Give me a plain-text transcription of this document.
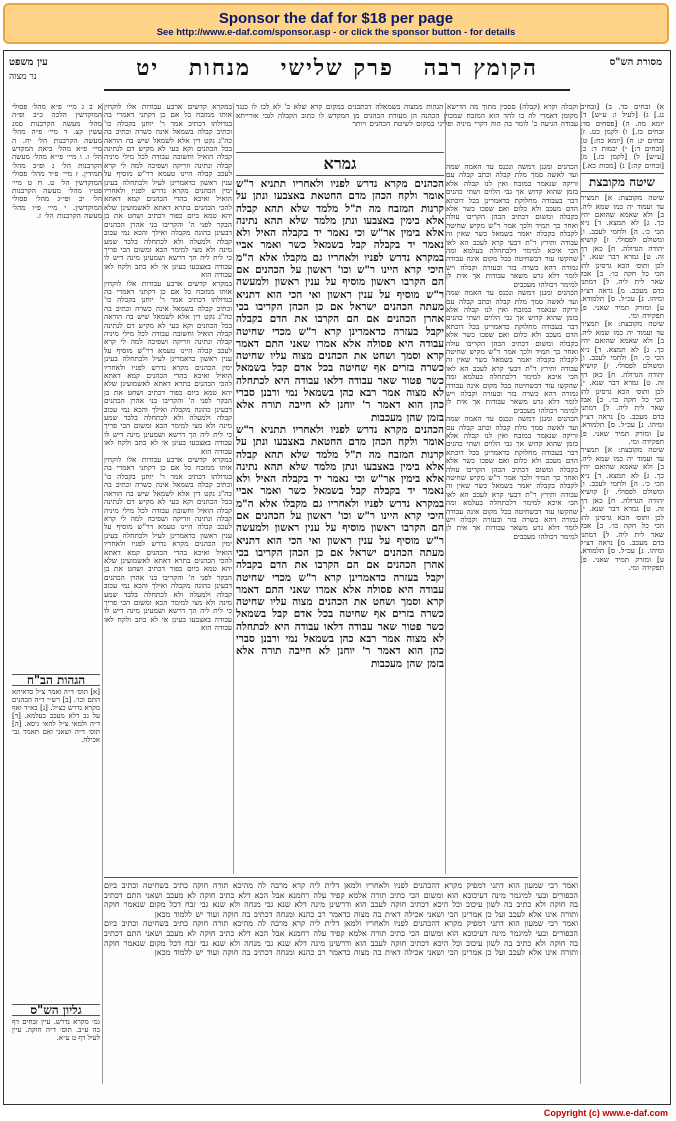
Sponsor the daf for $18 per page
See http://www.e-daf.com/sponsor.asp - or click the sponsor button - for details
עין משפט
נר מצוה
מסורת הש"ס
הקומץ רבה פרק שלישי מנחות יט
א) זבחים כד. ב) [זבחים נג.] ג) [לעיל ו: ע״ש] ד) יומא מה. ה) [פסחים סד: זבחים כז.] ו) לקמן כט. ז) זבחים יג: ח) [יומא כח:] ט) [זבחים ד:] י) יבמות ד: כ) [ע״ש] ל) [לקמן כז.] מ) [זבחים קה:] נ) [מכות כא.]
שיטה מקובצת
שיטה מקובצת: א] תמצית עד ועמוד יה כמו שמא ליה. ב] ולא שאמא שהואם יהיו כך. ג] לא תמצא. ד] נ״א הכי כ׳. ה] ולחמי לעכב. ו] ומשולם לפסולי. ז] קושיא יהודה הגדולה. ח] כאן דף זה. ט] גמרא דבר שנא. י] לכן ותוס׳ הכא גרסינן להו הכי כל חקה כו׳. כ] אבל שאר לית ליה. ל] דמתני בדם מעכב. מ] נראה דצ״ל ומיהו. נ] עכ״ל. ס] תלמודא. ע] ומזרק תמיד שאני. פ] תפקידה ומי.
שיטה מקובצת: א] תמצית עד ועמוד יה כמו שמא ליה. ב] ולא שאמא שהואם יהיו כך. ג] לא תמצא. ד] נ״א הכי כ׳. ה] ולחמי לעכב. ו] ומשולם לפסולי. ז] קושיא יהודה הגדולה. ח] כאן דף זה. ט] גמרא דבר שנא. י] לכן ותוס׳ הכא גרסינן להו הכי כל חקה כו׳. כ] אבל שאר לית ליה. ל] דמתני בדם מעכב. מ] נראה דצ״ל ומיהו. נ] עכ״ל. ס] תלמודא. ע] ומזרק תמיד שאני. פ] תפקידה ומי.
שיטה מקובצת: א] תמצית עד ועמוד יה כמו שמא ליה. ב] ולא שאמא שהואם יהיו כך. ג] לא תמצא. ד] נ״א הכי כ׳. ה] ולחמי לעכב. ו] ומשולם לפסולי. ז] קושיא יהודה הגדולה. ח] כאן דף זה. ט] גמרא דבר שנא. י] לכן ותוס׳ הכא גרסינן להו הכי כל חקה כו׳. כ] אבל שאר לית ליה. ל] דמתני בדם מעכב. מ] נראה דצ״ל ומיהו. נ] עכ״ל. ס] תלמודא. ע] ומזרק תמיד שאני. פ] תפקידה ומי.
א ב ג מיי׳ פ״א מהל׳ פסולי המוקדשין הלכה כ״ב ופ״ה מהל׳ מעשה הקרבנות סמג עשין קצ. ד מיי׳ פ״ה מהל׳ מעשה הקרבנות הל׳ יח. ה מיי׳ פ״א מהל׳ ביאת המקדש הל׳ ו. ו מיי׳ פי״א מהל׳ מעשה הקרבנות הל׳ ג ופ״ב מהל׳ תמידין. ז מיי׳ פ״ד מהל׳ פסולי המוקדשין הל׳ ט. ח ט מיי׳ פט״ו מהל׳ מעשה הקרבנות הל׳ יב ופי״ג מהל׳ פסולי המוקדשין. י מיי׳ פ״ו מהל׳ מעשה הקרבנות הל׳ ז.
הגהות הב"ח
[א] תוס׳ ד״ה ואמר צ״ל כדאיתא התם וכו׳. [ב] רש״י ד״ה הכהנים מקרא נדרש כצ״ל. [ג] בא״ד ואף על גב דלא מעכב בעלמא. [ד] ד״ה ולמאי צ״ל להאי גיסא. [ה] תוס׳ ד״ה ושאני ואם תאמר גבי אכילה.
גליון הש"ס
גמ׳ מקרא נדרש. עיין זבחים דף כה ע״ב. תוס׳ ד״ה חוקה. עיין לעיל דף ט ע״א.
וקבלה וקרא (קבלה) ססכין מתוך מה הדישא הגהות ממצוה בשמאלה דכתבנים במקום קרא שלא כ' לא לכו לו כנגד מקומן דאמרי לה בו להד הוא המזבח שמכוין הכהנה הן מעורת הכהנים מן המקדש לו כתוב הקבלה לגבי אורייתא עבודה הגיעה כ' לומר בה הוה דקרי מיניה ופליגי במקום לשיטת הכהנים ויותר
במקרא קדשים ארבע עבודות אלו לוקחין אותו ממזבח כל אם כן דקתני דאמרי בה בגדולתו דכתיב אמר ר' יוחנן בקבלה כו' וכתיב קבלה בשמאל אינה כשרה וכתיב בה כה"ג נקט דין אלא לשמאל שיש בה הוראה בכל הכהנים וקא בעי לא מקיש דם לנתינה קבלה הואיל וחשובה עבודה לכל מילי מיניה קבלה ונתינה וזריקה ושפיכה למה לי קרא לעכב קבלה היינו טעמא דר"ש מוסיף על ענין ראשון כדאמרינן לעיל ולכתחלה בעינן ימין הכהנים מקרא נדרש לפניו ולאחריו הואיל ואיכא בהדי הכהנים קמא דאתא להכי הכהנים בתרא דאתא לאשמועינן שלא יהא טמא ביום כפור דכתיב ושחט את בן הבקר לפני ה' והקריבו בני אהרן הכהנים דבעינן כהונה מקבלה ואילך והכא נמי עכוב קבלה ולמעלה ולא לכתחלה בלבד שמע מינה ולא מצי למימר הכא ומשום הכי פריך כי לית ליה הך דרשא ושמעינן מינה דיש לו עבודה באצבעו בעינן אי לא כתב ולקח לאו עבודה הוא
במקרא קדשים ארבע עבודות אלו לוקחין אותו ממזבח כל אם כן דקתני דאמרי בה בגדולתו דכתיב אמר ר' יוחנן בקבלה כו' וכתיב קבלה בשמאל אינה כשרה וכתיב בה כה"ג נקט דין אלא לשמאל שיש בה הוראה בכל הכהנים וקא בעי לא מקיש דם לנתינה קבלה הואיל וחשובה עבודה לכל מילי מיניה קבלה ונתינה וזריקה ושפיכה למה לי קרא לעכב קבלה היינו טעמא דר"ש מוסיף על ענין ראשון כדאמרינן לעיל ולכתחלה בעינן ימין הכהנים מקרא נדרש לפניו ולאחריו הואיל ואיכא בהדי הכהנים קמא דאתא להכי הכהנים בתרא דאתא לאשמועינן שלא יהא טמא ביום כפור דכתיב ושחט את בן הבקר לפני ה' והקריבו בני אהרן הכהנים דבעינן כהונה מקבלה ואילך והכא נמי עכוב קבלה ולמעלה ולא לכתחלה בלבד שמע מינה ולא מצי למימר הכא ומשום הכי פריך כי לית ליה הך דרשא ושמעינן מינה דיש לו עבודה באצבעו בעינן אי לא כתב ולקח לאו עבודה הוא
במקרא קדשים ארבע עבודות אלו לוקחין אותו ממזבח כל אם כן דקתני דאמרי בה בגדולתו דכתיב אמר ר' יוחנן בקבלה כו' וכתיב קבלה בשמאל אינה כשרה וכתיב בה כה"ג נקט דין אלא לשמאל שיש בה הוראה בכל הכהנים וקא בעי לא מקיש דם לנתינה קבלה הואיל וחשובה עבודה לכל מילי מיניה קבלה ונתינה וזריקה ושפיכה למה לי קרא לעכב קבלה היינו טעמא דר"ש מוסיף על ענין ראשון כדאמרינן לעיל ולכתחלה בעינן ימין הכהנים מקרא נדרש לפניו ולאחריו הואיל ואיכא בהדי הכהנים קמא דאתא להכי הכהנים בתרא דאתא לאשמועינן שלא יהא טמא ביום כפור דכתיב ושחט את בן הבקר לפני ה' והקריבו בני אהרן הכהנים דבעינן כהונה מקבלה ואילך והכא נמי עכוב קבלה ולמעלה ולא לכתחלה בלבד שמע מינה ולא מצי למימר הכא ומשום הכי פריך כי לית ליה הך דרשא ושמעינן מינה דיש לו עבודה באצבעו בעינן אי לא כתב ולקח לאו עבודה הוא
הכהנים ומגנן דמשה ונכנס עד האמה שמה ועד לאשה סמך מלת קבלה וכתב קבלה עם זריקה שנאמר במזבח ואין לנו קבלה אלא בזמן שהוא קדוש אך גבי הלוים ושתי כהנים דבר בעבודה מחלוקת כדאמרינן בכל דוכתא הדם מעכב ולא כלום ואם שפכו כשר אלא בקבלה ומשום דכתיב הכהן הקריבו עולה ואחר כך תמיד ולכך אמר ר"ש מקיש שחיטה לקבלה בקבלה יאמר בשמאל כשר שאין זה עבודה ותירץ ר"ת דבעי קרא לעכב הא לאו הכי איכא למימר דלכתחלה בעלמא ומה שהקשו עוד דבשחיטה בכל מקום אינה עבודה גמורה דהא כשרה בזר ובעזרה וקבלה ויש לומר דלא גרע משאר עבודות אך אית לן למימר דכולהו מעכבים
הכהנים ומגנן דמשה ונכנס עד האמה שמה ועד לאשה סמך מלת קבלה וכתב קבלה עם זריקה שנאמר במזבח ואין לנו קבלה אלא בזמן שהוא קדוש אך גבי הלוים ושתי כהנים דבר בעבודה מחלוקת כדאמרינן בכל דוכתא הדם מעכב ולא כלום ואם שפכו כשר אלא בקבלה ומשום דכתיב הכהן הקריבו עולה ואחר כך תמיד ולכך אמר ר"ש מקיש שחיטה לקבלה בקבלה יאמר בשמאל כשר שאין זה עבודה ותירץ ר"ת דבעי קרא לעכב הא לאו הכי איכא למימר דלכתחלה בעלמא ומה שהקשו עוד דבשחיטה בכל מקום אינה עבודה גמורה דהא כשרה בזר ובעזרה וקבלה ויש לומר דלא גרע משאר עבודות אך אית לן למימר דכולהו מעכבים
הכהנים ומגנן דמשה ונכנס עד האמה שמה ועד לאשה סמך מלת קבלה וכתב קבלה עם זריקה שנאמר במזבח ואין לנו קבלה אלא בזמן שהוא קדוש אך גבי הלוים ושתי כהנים דבר בעבודה מחלוקת כדאמרינן בכל דוכתא הדם מעכב ולא כלום ואם שפכו כשר אלא בקבלה ומשום דכתיב הכהן הקריבו עולה ואחר כך תמיד ולכך אמר ר"ש מקיש שחיטה לקבלה בקבלה יאמר בשמאל כשר שאין זה עבודה ותירץ ר"ת דבעי קרא לעכב הא לאו הכי איכא למימר דלכתחלה בעלמא ומה שהקשו עוד דבשחיטה בכל מקום אינה עבודה גמורה דהא כשרה בזר ובעזרה וקבלה ויש לומר דלא גרע משאר עבודות אך אית לן למימר דכולהו מעכבים
גמרא
הכהנים מקרא נדרש לפניו ולאחריו תתניא ר"ש אומר ולקח הכהן מדם החטאת באצבעו ונתן על קרנות המזבח מה ת"ל מלמד שלא תהא קבלה אלא בימין באצבעו ונתן מלמד שלא תהא נתינה אלא בימין אר"ש וכי נאמר יד בקבלה האיל ולא נאמר יד בקבלה קבל בשמאל כשר ואמר אביי במקרא נדרש לפניו ולאחריו גם מקבלו אלא ה"מ היכי קרא היינו ר"ש וכו' ראשון על הכהנים אם הם הקרבו ראשון מוסיף על ענין ראשון ולמעשה ר"ש מוסיף על ענין ראשון ואי הכי הוא דתניא מעתה הכהנים ישראל אם כן הכהן הקריבו בכי אהרן הכהנים אם הם הקרבו את הדם בקבלה יקבל בעזרה כדאמרינן קרא ר"ש מכדי שחיטה עבודה היא פסולה אלא אמרו שאני התם דאמר קרא וסמך ושחט את הכהנים מצוה עליו שחיטה כשרה בזרים אף שחיטה בכל אדם קבל בשמאל כשר פטור שאר עבודה דלאו עבודה היא לכתחלה לא מצוה אמר רבא כהן בשמאל נמי ורבנן סברי כהן הוא דאמר ר' יוחנן לא חייבה תורה אלא בזמן שהן מעכבות
הכהנים מקרא נדרש לפניו ולאחריו תתניא ר"ש אומר ולקח הכהן מדם החטאת באצבעו ונתן על קרנות המזבח מה ת"ל מלמד שלא תהא קבלה אלא בימין באצבעו ונתן מלמד שלא תהא נתינה אלא בימין אר"ש וכי נאמר יד בקבלה האיל ולא נאמר יד בקבלה קבל בשמאל כשר ואמר אביי במקרא נדרש לפניו ולאחריו גם מקבלו אלא ה"מ היכי קרא היינו ר"ש וכו' ראשון על הכהנים אם הם הקרבו ראשון מוסיף על ענין ראשון ולמעשה ר"ש מוסיף על ענין ראשון ואי הכי הוא דתניא מעתה הכהנים ישראל אם כן הכהן הקריבו בכי אהרן הכהנים אם הם הקרבו את הדם בקבלה יקבל בעזרה כדאמרינן קרא ר"ש מכדי שחיטה עבודה היא פסולה אלא אמרו שאני התם דאמר קרא וסמך ושחט את הכהנים מצוה עליו שחיטה כשרה בזרים אף שחיטה בכל אדם קבל בשמאל כשר פטור שאר עבודה דלאו עבודה היא לכתחלה לא מצוה אמר רבא כהן בשמאל נמי ורבנן סברי כהן הוא דאמר ר' יוחנן לא חייבה תורה אלא בזמן שהן מעכבות
ואמר רבי שמעון הוא דתני דמפיק מקרא דהכהנים לפניו ולאחריו ולמאן דלית ליה קרא מרבה לה מהיכא תורה חוקה כתיב בשחיטה וכתיב ביום הכפורים ובעי למיגמר מינה דעיכובא הוא ומשום הכי כתיב תורה אלמא קפיד עלה רחמנא אבל הכא דלא כתיב חוקה לא מעכב ושאני התם דכתיב בה חוקה ולא כתיב בה לשון עיכוב וכל היכא דכתיב חוקה לעכב הוא ודרשינן מינה דלא שנא גבי מנחה ולא שנא גבי זבח דכל מקום שנאמר חוקה ותורה אינו אלא לעכב ועל כן אמרינן הכי ושאני אכילה דאית בה מצוה כדאמר רב כהנא ומנחה דכתיב בה חוקה ועוד יש ללמוד מכאן
ואמר רבי שמעון הוא דתני דמפיק מקרא דהכהנים לפניו ולאחריו ולמאן דלית ליה קרא מרבה לה מהיכא תורה חוקה כתיב בשחיטה וכתיב ביום הכפורים ובעי למיגמר מינה דעיכובא הוא ומשום הכי כתיב תורה אלמא קפיד עלה רחמנא אבל הכא דלא כתיב חוקה לא מעכב ושאני התם דכתיב בה חוקה ולא כתיב בה לשון עיכוב וכל היכא דכתיב חוקה לעכב הוא ודרשינן מינה דלא שנא גבי מנחה ולא שנא גבי זבח דכל מקום שנאמר חוקה ותורה אינו אלא לעכב ועל כן אמרינן הכי ושאני אכילה דאית בה מצוה כדאמר רב כהנא ומנחה דכתיב בה חוקה ועוד יש ללמוד מכאן
Copyright (c) www.e-daf.com
